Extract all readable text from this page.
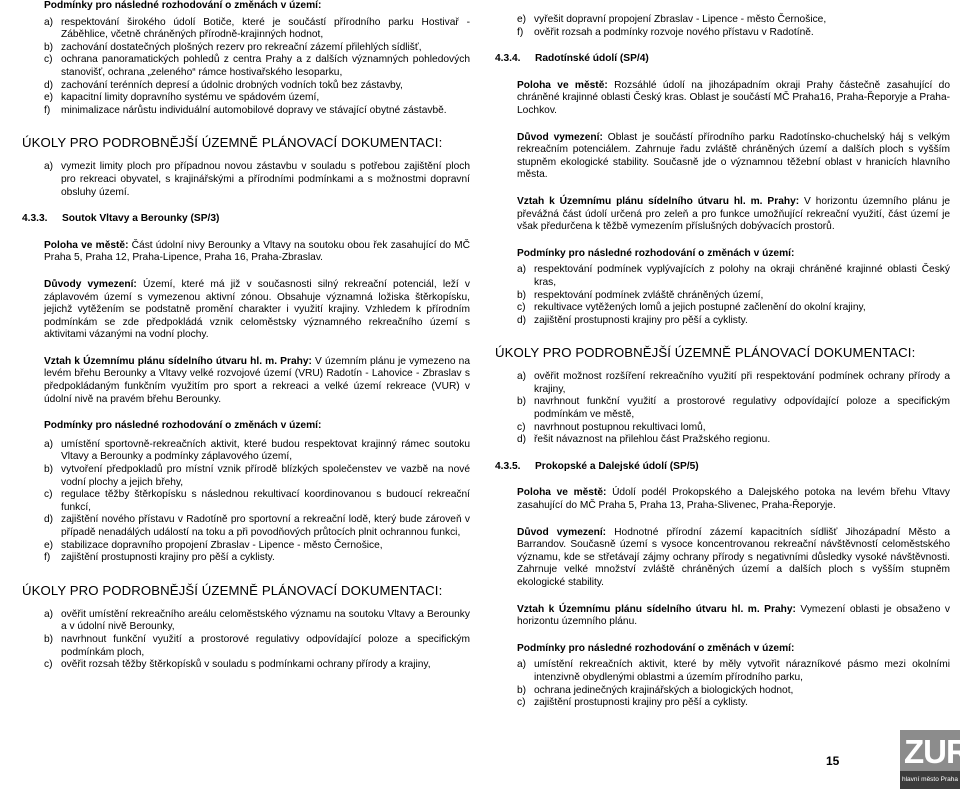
Podmínky pro následné rozhodování o změnách v území:

a) respektování širokého údolí Botiče, které je součástí přírodního parku Hostivař - Záběhlice, včetně chráněných přírodně-krajinných hodnot,
b) zachování dostatečných plošných rezerv pro rekreační zázemí přilehlých sídlišť,
c) ochrana panoramatických pohledů z centra Prahy a z dalších významných pohledových stanovišť, ochrana „zeleného“ rámce hostivařského lesoparku,
d) zachování terénních depresí a údolnic drobných vodních toků bez zástavby,
e) kapacitní limity dopravního systému ve spádovém území,
f)	minimalizace nárůstu individuální automobilové dopravy ve stávající obytné zástavbě.

ÚKOLY PRO PODROBNĚJŠÍ ÚZEMNĚ PLÁNOVACÍ DOKUMENTACI:

a) vymezit limity ploch pro případnou novou zástavbu v souladu s potřebou zajištění ploch pro rekreaci obyvatel, s krajinářskými a přírodními podmínkami a s možnostmi dopravní obsluhy území.
4.3.3.	Soutok Vltavy a Berounky (SP/3)

Poloha ve městě: Část údolní nivy Berounky a Vltavy na soutoku obou řek zasahující do MČ Praha 5, Praha 12, Praha-Lipence, Praha 16, Praha-Zbraslav.

Důvody vymezení: Území, které má již v současnosti silný rekreační potenciál, leží v záplavovém území s vymezenou aktivní zónou. Obsahuje významná ložiska štěrkopísku, jejichž vytěžením se podstatně promění charakter i využití krajiny. Vzhledem k přírodním podmínkám se zde předpokládá vznik celoměstsky významného rekreačního území s aktivitami vázanými na vodní plochy.

Vztah k Územnímu plánu sídelního útvaru hl. m. Prahy: V územním plánu je vymezeno na levém břehu Berounky a Vltavy velké rozvojové území (VRU) Radotín - Lahovice - Zbraslav s předpokládaným funkčním využitím pro sport a rekreaci a velké území rekreace (VUR) v údolní nivě na pravém břehu Berounky.

Podmínky pro následné rozhodování o změnách v území:

a) umístění sportovně-rekreačních aktivit, které budou respektovat krajinný rámec soutoku Vltavy a Berounky a podmínky záplavového území,
b) vytvoření předpokladů pro místní vznik přírodě blízkých společenstev ve vazbě na nové vodní plochy a jejich břehy,
c) regulace těžby štěrkopísku s následnou rekultivací koordinovanou s budoucí rekreační funkcí,
d) zajištění nového přístavu v Radotíně pro sportovní a rekreační lodě, který bude zároveň v případě nenadálých událostí na toku a při povodňových průtocích plnit ochrannou funkci,
e) stabilizace dopravního propojení Zbraslav - Lipence - město Černošice,
f)	zajištění prostupnosti krajiny pro pěší a cyklisty.

ÚKOLY PRO PODROBNĚJŠÍ ÚZEMNĚ PLÁNOVACÍ DOKUMENTACI:

a) ověřit umístění rekreačního areálu celoměstského významu na soutoku Vltavy a Berounky a v údolní nivě Berounky,
b) navrhnout funkční využití a prostorové regulativy odpovídající poloze a specifickým podmínkám ploch,
c) ověřit rozsah těžby štěrkopísků v souladu s podmínkami ochrany přírody a krajiny,
e) vyřešit dopravní propojení Zbraslav - Lipence - město Černošice,
f)	ověřit rozsah a podmínky rozvoje nového přístavu v Radotíně.
4.3.4.	Radotínské údolí (SP/4)

Poloha ve městě: Rozsáhlé údolí na jihozápadním okraji Prahy částečně zasahující do chráněné krajinné oblasti Český kras. Oblast je součástí MČ Praha16, Praha-Řeporyje a Praha-Lochkov.

Důvod vymezení: Oblast je součástí přírodního parku Radotínsko-chuchelský háj s velkým rekreačním potenciálem. Zahrnuje řadu zvláště chráněných území a dalších ploch s vyšším stupněm ekologické stability. Současně jde o významnou těžební oblast v hranicích hlavního města.

Vztah k Územnímu plánu sídelního útvaru hl. m. Prahy: V horizontu územního plánu je převážná část údolí určená pro zeleň a pro funkce umožňující rekreační využití, část území je však předurčena k těžbě vymezením příslušných dobývacích prostorů.

Podmínky pro následné rozhodování o změnách v území:

a) respektování podmínek vyplývajících z polohy na okraji chráněné krajinné oblasti Český kras,
b) respektování podmínek zvláště chráněných území,
c) rekultivace vytěžených lomů a jejich postupné začlenění do okolní krajiny,
d) zajištění prostupnosti krajiny pro pěší a cyklisty.

ÚKOLY PRO PODROBNĚJŠÍ ÚZEMNĚ PLÁNOVACÍ DOKUMENTACI:

a) ověřit možnost rozšíření rekreačního využití při respektování podmínek ochrany přírody a krajiny,
b) navrhnout funkční využití a prostorové regulativy odpovídající poloze a specifickým podmínkám ve městě,
c) navrhnout postupnou rekultivaci lomů,
d) řešit návaznost na přilehlou část Pražského regionu.
4.3.5.	Prokopské a Dalejské údolí (SP/5)

Poloha ve městě: Údolí podél Prokopského a Dalejského potoka na levém břehu Vltavy zasahující do MČ Praha 5, Praha 13, Praha-Slivenec, Praha-Řeporyje.

Důvod vymezení: Hodnotné přírodní zázemí kapacitních sídlišť Jihozápadní Město a Barrandov. Současně území s vysoce koncentrovanou rekreační návštěvností celoměstského významu, kde se střetávají zájmy ochrany přírody s negativními důsledky vysoké návštěvnosti. Zahrnuje velké množství zvláště chráněných území a dalších ploch s vyšším stupněm ekologické stability.

Vztah k Územnímu plánu sídelního útvaru hl. m. Prahy: Vymezení oblasti je obsaženo v horizontu územního plánu.

Podmínky pro následné rozhodování o změnách v území:

a) umístění rekreačních aktivit, které by měly vytvořit nárazníkové pásmo mezi okolními intenzivně obydlenými oblastmi a územím přírodního parku,
b) ochrana jedinečných krajinářských a biologických hodnot,
c) zajištění prostupnosti krajiny pro pěší a cyklisty.
15 ZUR
hlavní město Praha
